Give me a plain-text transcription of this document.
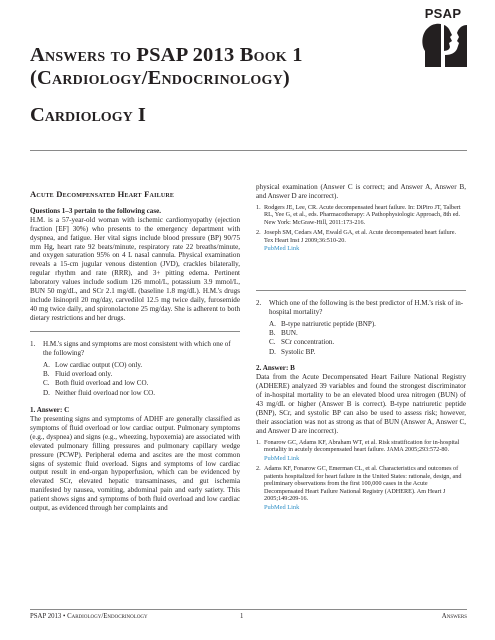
Answers to PSAP 2013 Book 1
(Cardiology/Endocrinology)
Cardiology I
PSAP
Acute Decompensated Heart Failure

Questions 1–3 pertain to the following case.

H.M. is a 57-year-old woman with ischemic cardiomyopathy (ejection fraction [EF] 30%) who presents to the emergency department with dyspnea, and fatigue. Her vital signs include blood pressure (BP) 90/75 mm Hg, heart rate 92 beats/minute, respiratory rate 22 breaths/minute, and oxygen saturation 95% on 4 L nasal cannula. Physical examination reveals a 15-cm jugular venous distention (JVD), crackles bilaterally, regular rhythm and rate (RRR), and 3+ pitting edema. Pertinent laboratory values include sodium 126 mmol/L, potassium 3.9 mmol/L, BUN 50 mg/dL, and SCr 2.1 mg/dL (baseline 1.8 mg/dL). H.M.'s drugs include lisinopril 20 mg/day, carvedilol 12.5 mg twice daily, furosemide 40 mg twice daily, and spironolactone 25 mg/day. She is adherent to both dietary restrictions and her drugs.

1.	H.M.'s signs and symptoms are most consistent with which one of the following?
A. Low cardiac output (CO) only.
B. Fluid overload only.
C. Both fluid overload and low CO.
D. Neither fluid overload nor low CO.

1. Answer: C

The presenting signs and symptoms of ADHF are generally classified as symptoms of fluid overload or low cardiac output. Pulmonary symptoms (e.g., dyspnea) and signs (e.g., wheezing, hypoxemia) are associated with elevated pulmonary filling pressures and pulmonary capillary wedge pressure (PCWP). Peripheral edema and ascites are the most common signs of systemic fluid overload. Signs and symptoms of low cardiac output result in end-organ hypoperfusion, which can be evidenced by elevated SCr, elevated hepatic transaminases, and gut ischemia manifested by nausea, vomiting, abdominal pain and early satiety. This patient shows signs and symptoms of both fluid overload and low cardiac output, as evidenced through her complaints and

physical examination (Answer C is correct; and Answer A, Answer B, and Answer D are incorrect).

1. Rodgers JE, Lee, CR. Acute decompensated heart failure. In: DiPiro JT, Talbert RL, Yee G, et al., eds. Pharmacotherapy: A Pathophysiologic Approach, 8th ed. New York: McGraw-Hill, 2011:173-216.
2. Joseph SM, Cedars AM, Ewald GA, et al. Acute decompensated heart failure. Tex Heart Inst J 2009;36:510-20.
PubMed Link
2.	Which one of the following is the best predictor of H.M.'s risk of in-hospital mortality?
A. B-type natriuretic peptide (BNP).
B. BUN.
C. SCr concentration.
D. Systolic BP.

2. Answer: B

Data from the Acute Decompensated Heart Failure National Registry (ADHERE) analyzed 39 variables and found the strongest discriminator of in-hospital mortality to be an elevated blood urea nitrogen (BUN) of 43 mg/dL or higher (Answer B is correct). B-type natriuretic peptide (BNP), SCr, and systolic BP can also be used to assess risk; however, their association was not as strong as that of BUN (Answer A, Answer C, and Answer D are incorrect).

1. Fonarow GC, Adams KF, Abraham WT, et al. Risk stratification for in-hospital mortality in acutely decompensated heart failure. JAMA 2005;293:572-80.
PubMed Link
2. Adams KF, Fonarow GC, Emerman CL, et al. Characteristics and outcomes of patients hospitalized for heart failure in the United States: rationale, design, and preliminary observations from the first 100,000 cases in the Acute Decompensated Heart Failure National Registry (ADHERE). Am Heart J 2005;149:209-16.
PubMed Link
PSAP 2013 • Cardiology/Endocrinology	1	Answers
